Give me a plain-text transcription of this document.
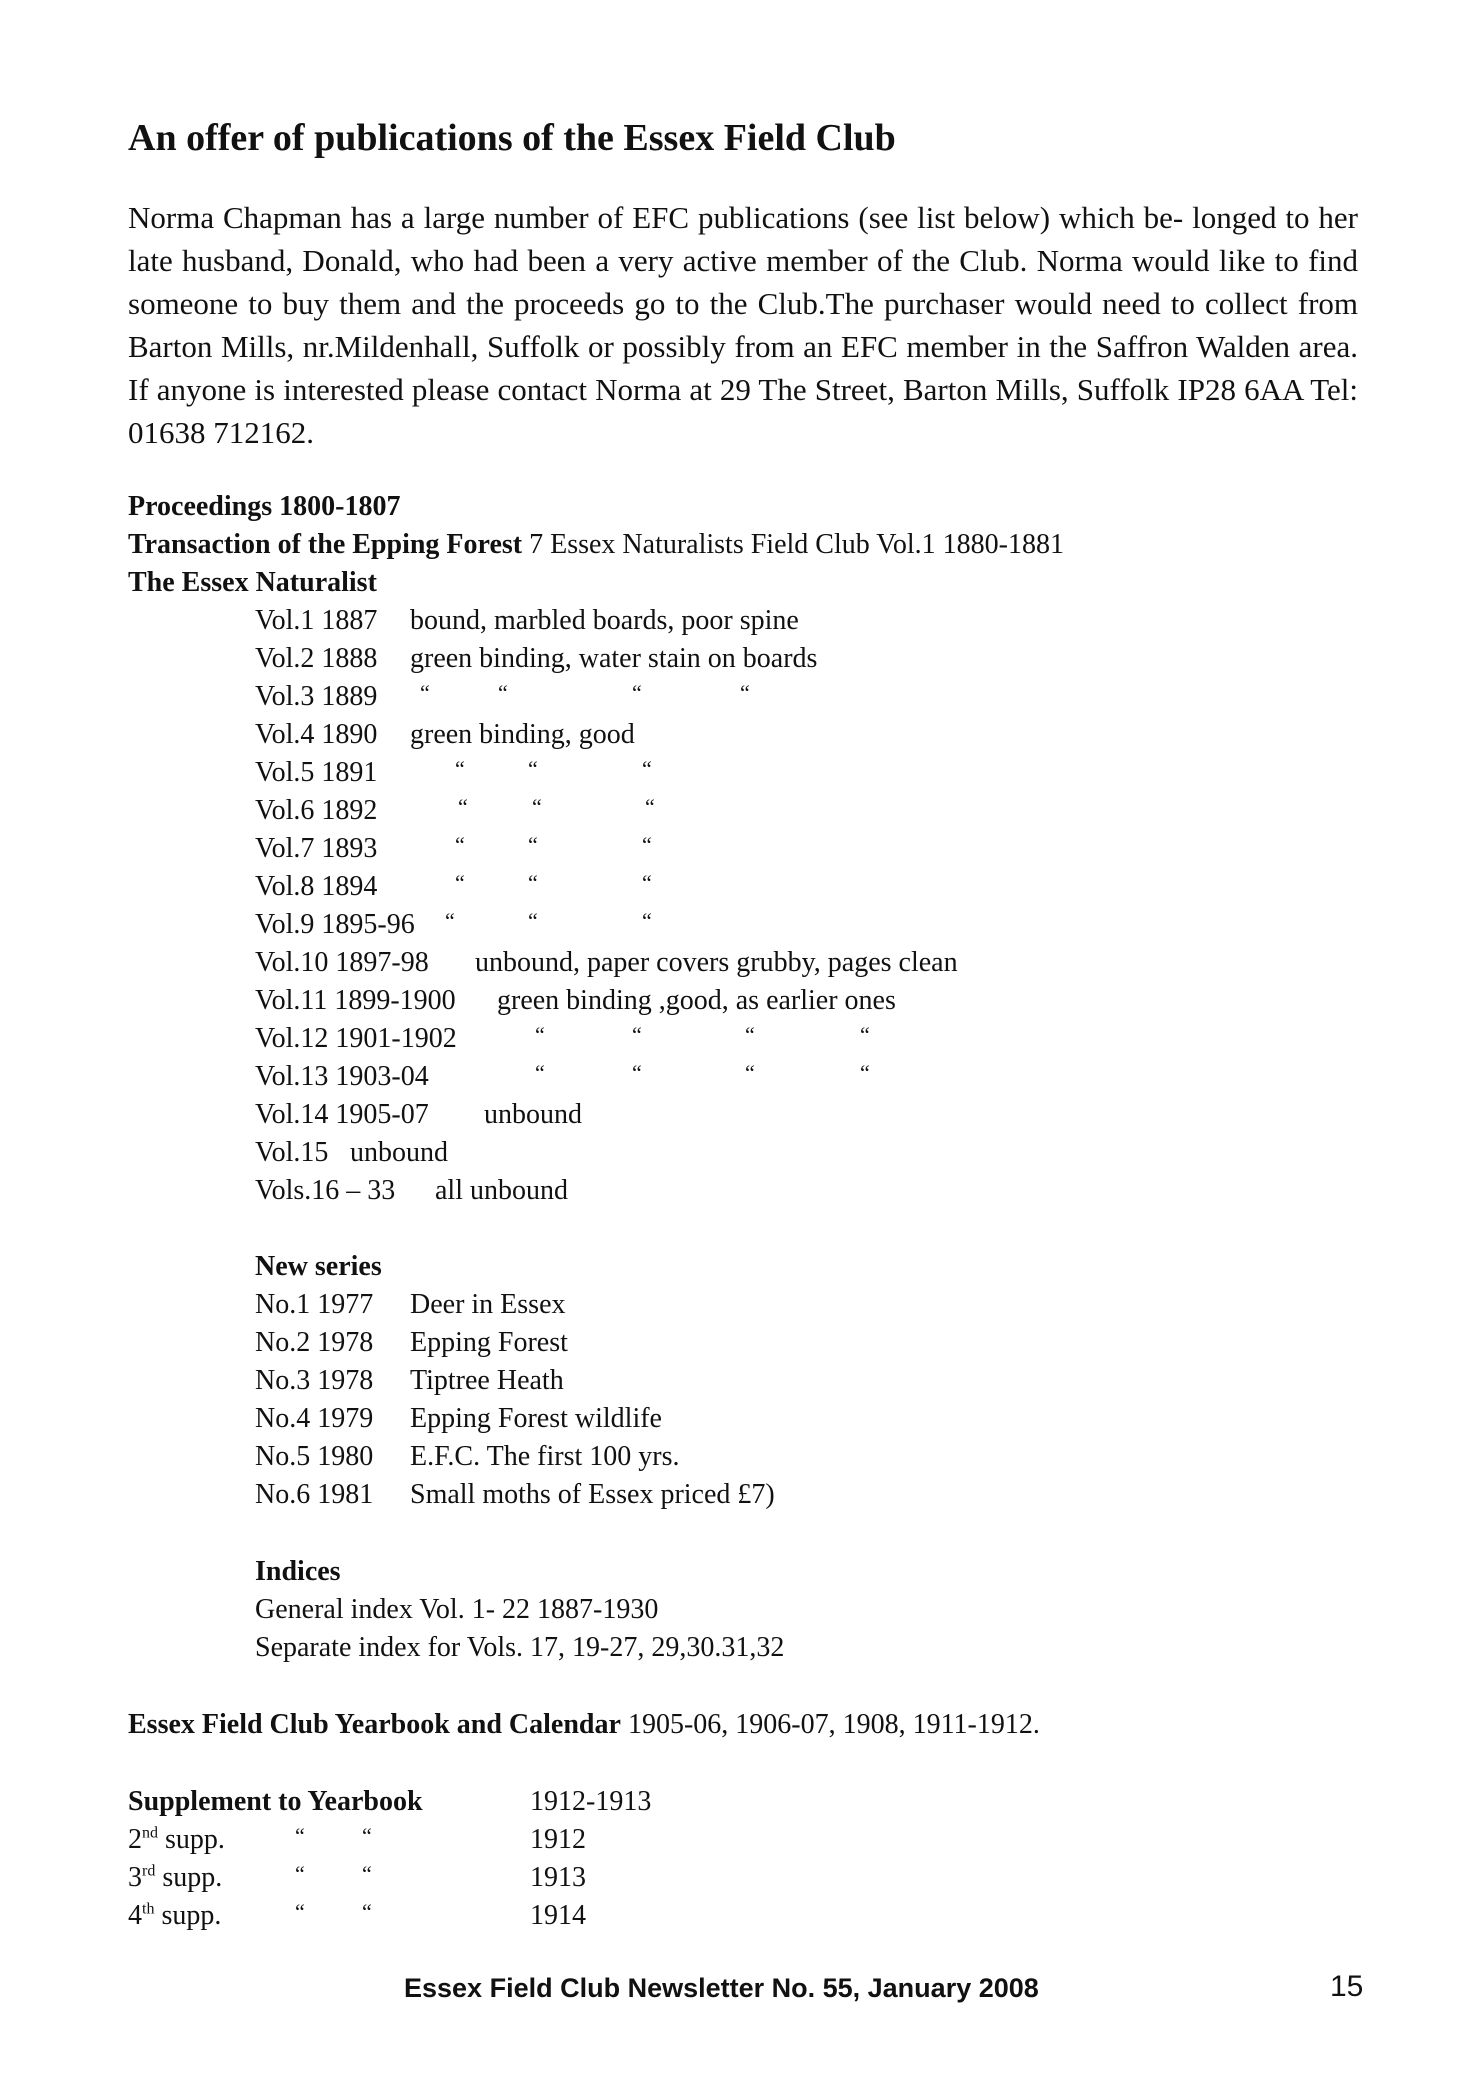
An offer of publications of the Essex Field Club
Norma Chapman has a large number of EFC publications (see list below) which be- longed to her late husband, Donald, who had been a very active member of the Club. Norma would like to find someone to buy them and the proceeds go to the Club.The purchaser would need to collect from Barton Mills, nr.Mildenhall, Suffolk or possibly from an EFC member in the Saffron Walden area. If anyone is interested please contact Norma at 29 The Street, Barton Mills, Suffolk IP28 6AA Tel: 01638 712162.
Proceedings 1800-1807
Transaction of the Epping Forest 7 Essex Naturalists Field Club Vol.1 1880-1881
The Essex Naturalist
Vol.1 1887 bound, marbled boards, poor spine
Vol.2 1888 green binding, water stain on boards
Vol.3 1889 “	“	“	“
Vol.4 1890 green binding, good
Vol.5 1891	“	“	“
Vol.6 1892	“	“	“
Vol.7 1893	“	“	“
Vol.8 1894	“	“	“
Vol.9 1895-96 “	“	“
Vol.10 1897-98 unbound, paper covers grubby, pages clean
Vol.11 1899-1900 green binding ,good, as earlier ones
Vol.12 1901-1902	“	“	“	“
Vol.13 1903-04	“	“	“	“
Vol.14 1905-07 unbound
Vol.15 unbound
Vols.16 – 33 all unbound
New series
No.1 1977 Deer in Essex
No.2 1978 Epping Forest
No.3 1978 Tiptree Heath
No.4 1979 Epping Forest wildlife
No.5 1980 E.F.C. The first 100 yrs.
No.6 1981 Small moths of Essex priced £7)
Indices
General index Vol. 1- 22 1887-1930
Separate index for Vols. 17, 19-27, 29,30.31,32
Essex Field Club Yearbook and Calendar 1905-06, 1906-07, 1908, 1911-1912.
Supplement to Yearbook	1912-1913
2nd supp.	“	“	1912
3rd supp.	“	“	1913
4th supp.	“	“	1914
Essex Field Club Newsletter No. 55, January 2008	15
